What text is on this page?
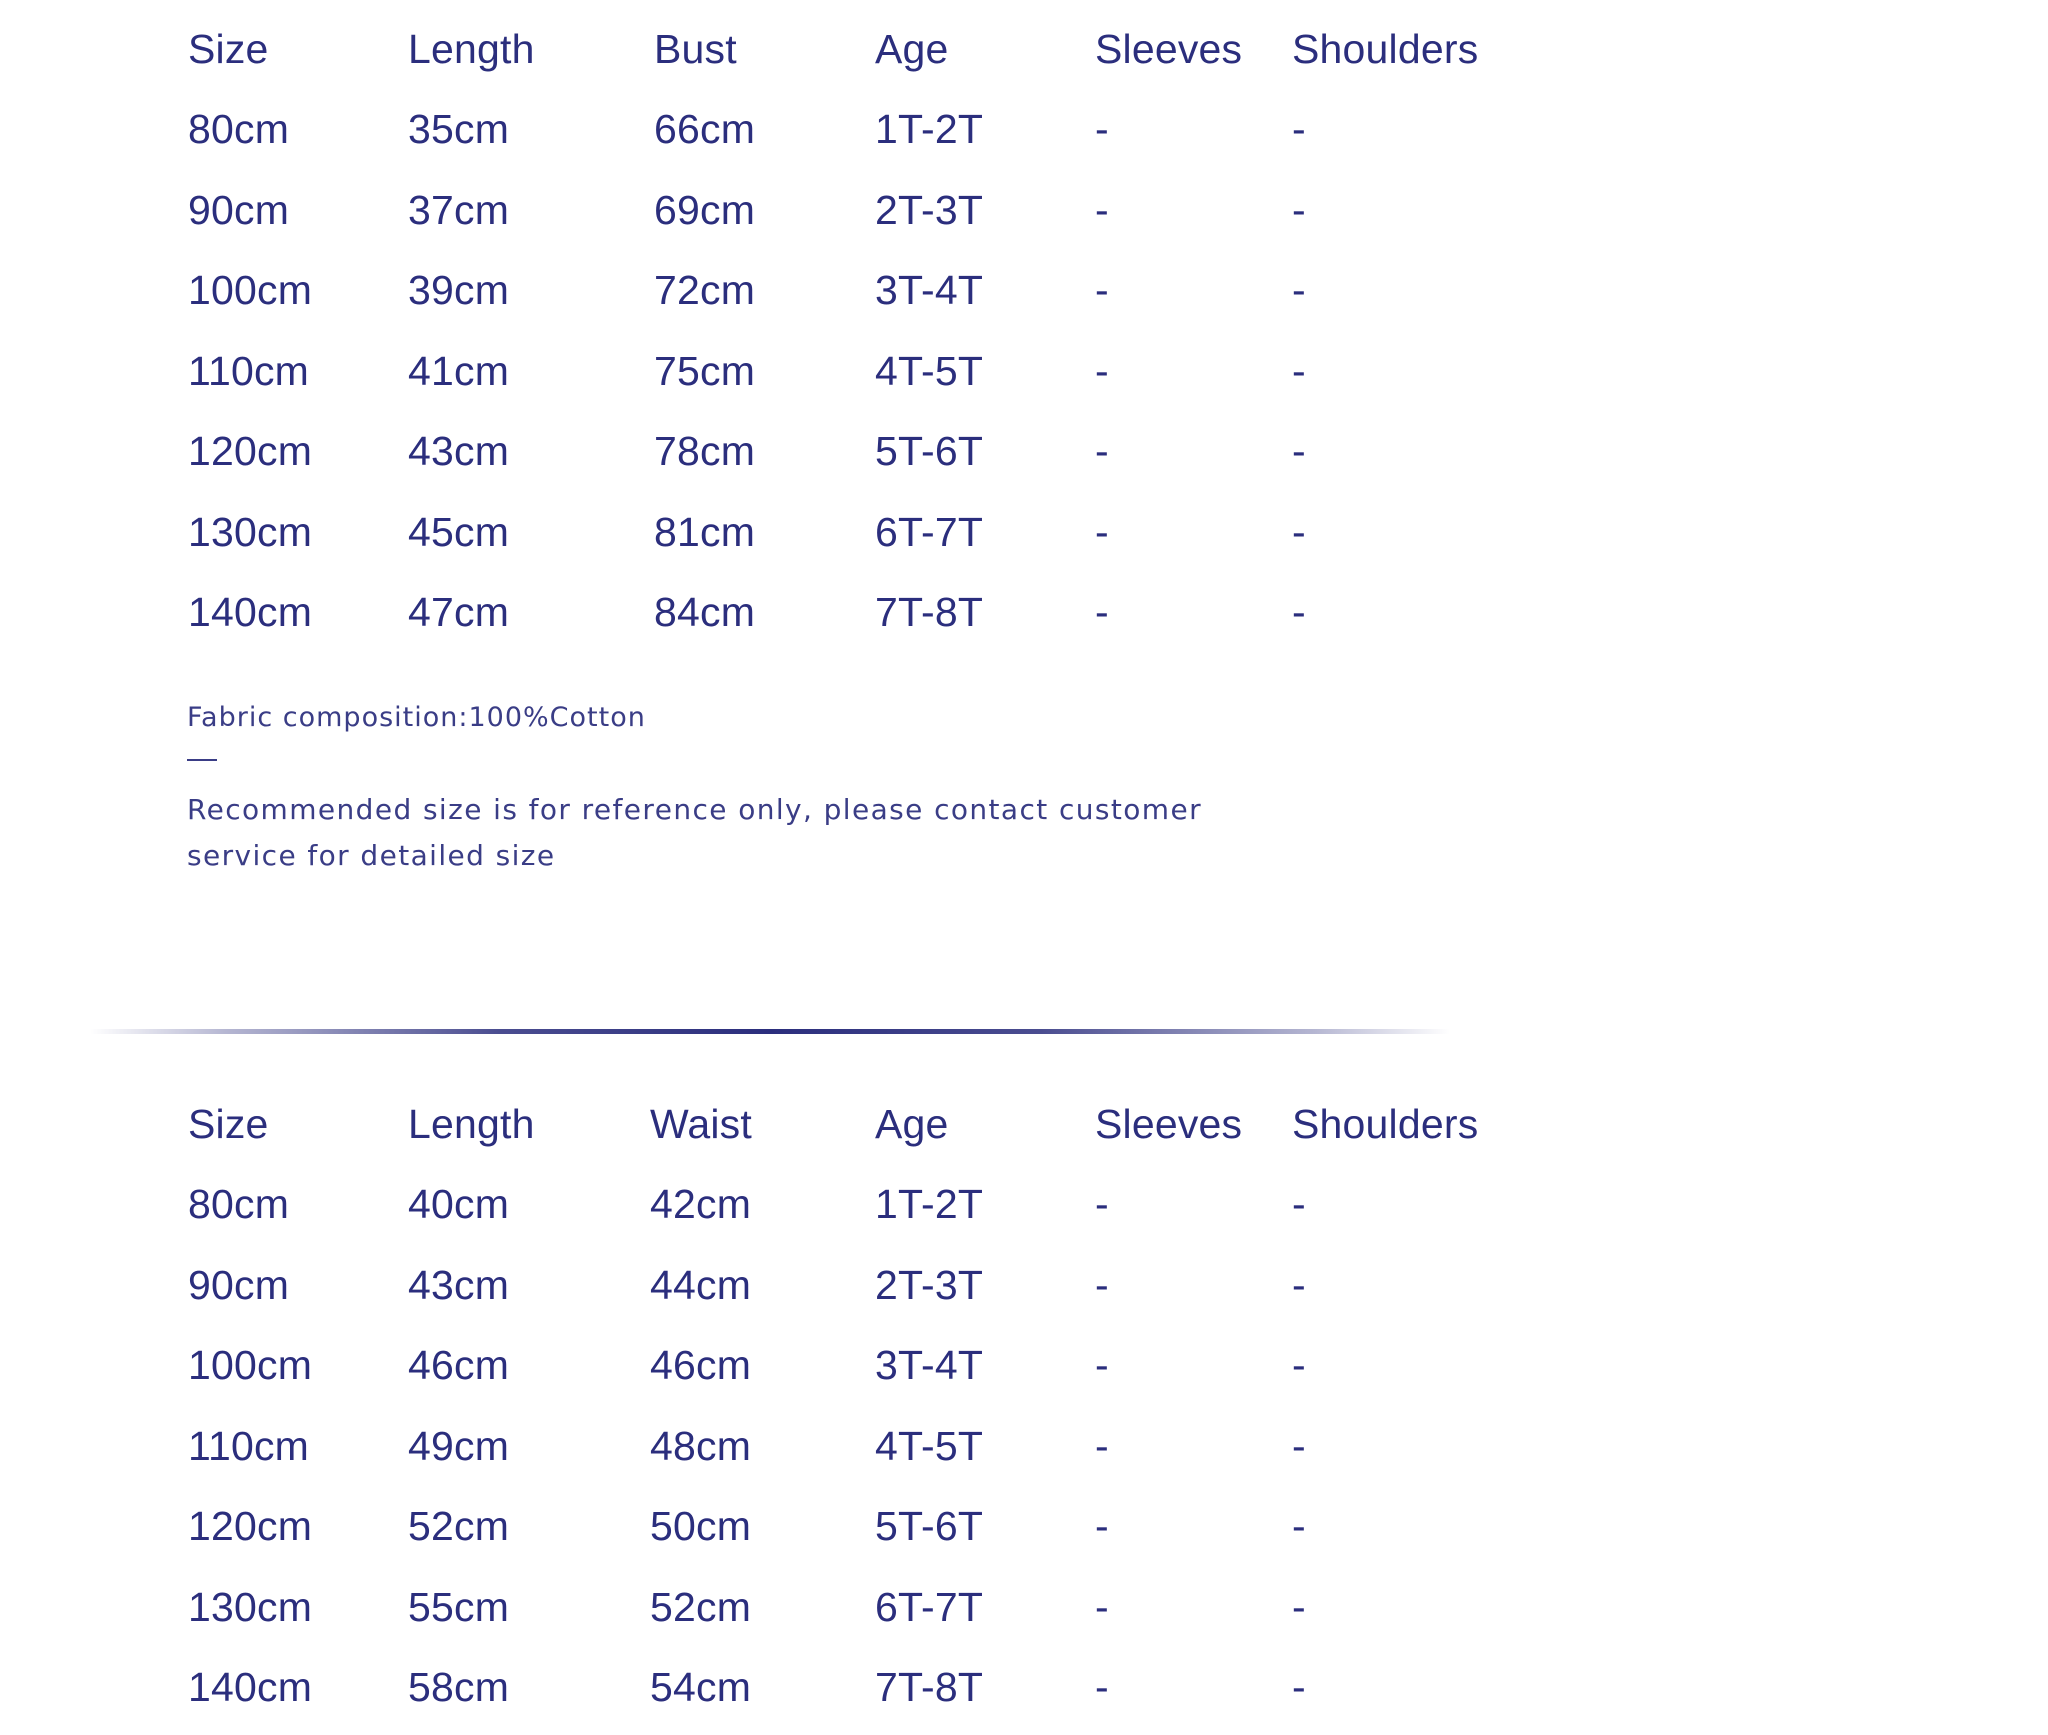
Size	Length	Bust	Age	Sleeves	Shoulders
80cm	35cm	66cm	1T-2T	-	-
90cm	37cm	69cm	2T-3T	-	-
100cm	39cm	72cm	3T-4T	-	-
110cm	41cm	75cm	4T-5T	-	-
120cm	43cm	78cm	5T-6T	-	-
130cm	45cm	81cm	6T-7T	-	-
140cm	47cm	84cm	7T-8T	-	-

Fabric composition:100%Cotton

Recommended size is for reference only, please contact customer service for detailed size

Size	Length	Waist	Age	Sleeves	Shoulders
80cm	40cm	42cm	1T-2T	-	-
90cm	43cm	44cm	2T-3T	-	-
100cm	46cm	46cm	3T-4T	-	-
110cm	49cm	48cm	4T-5T	-	-
120cm	52cm	50cm	5T-6T	-	-
130cm	55cm	52cm	6T-7T	-	-
140cm	58cm	54cm	7T-8T	-	-
